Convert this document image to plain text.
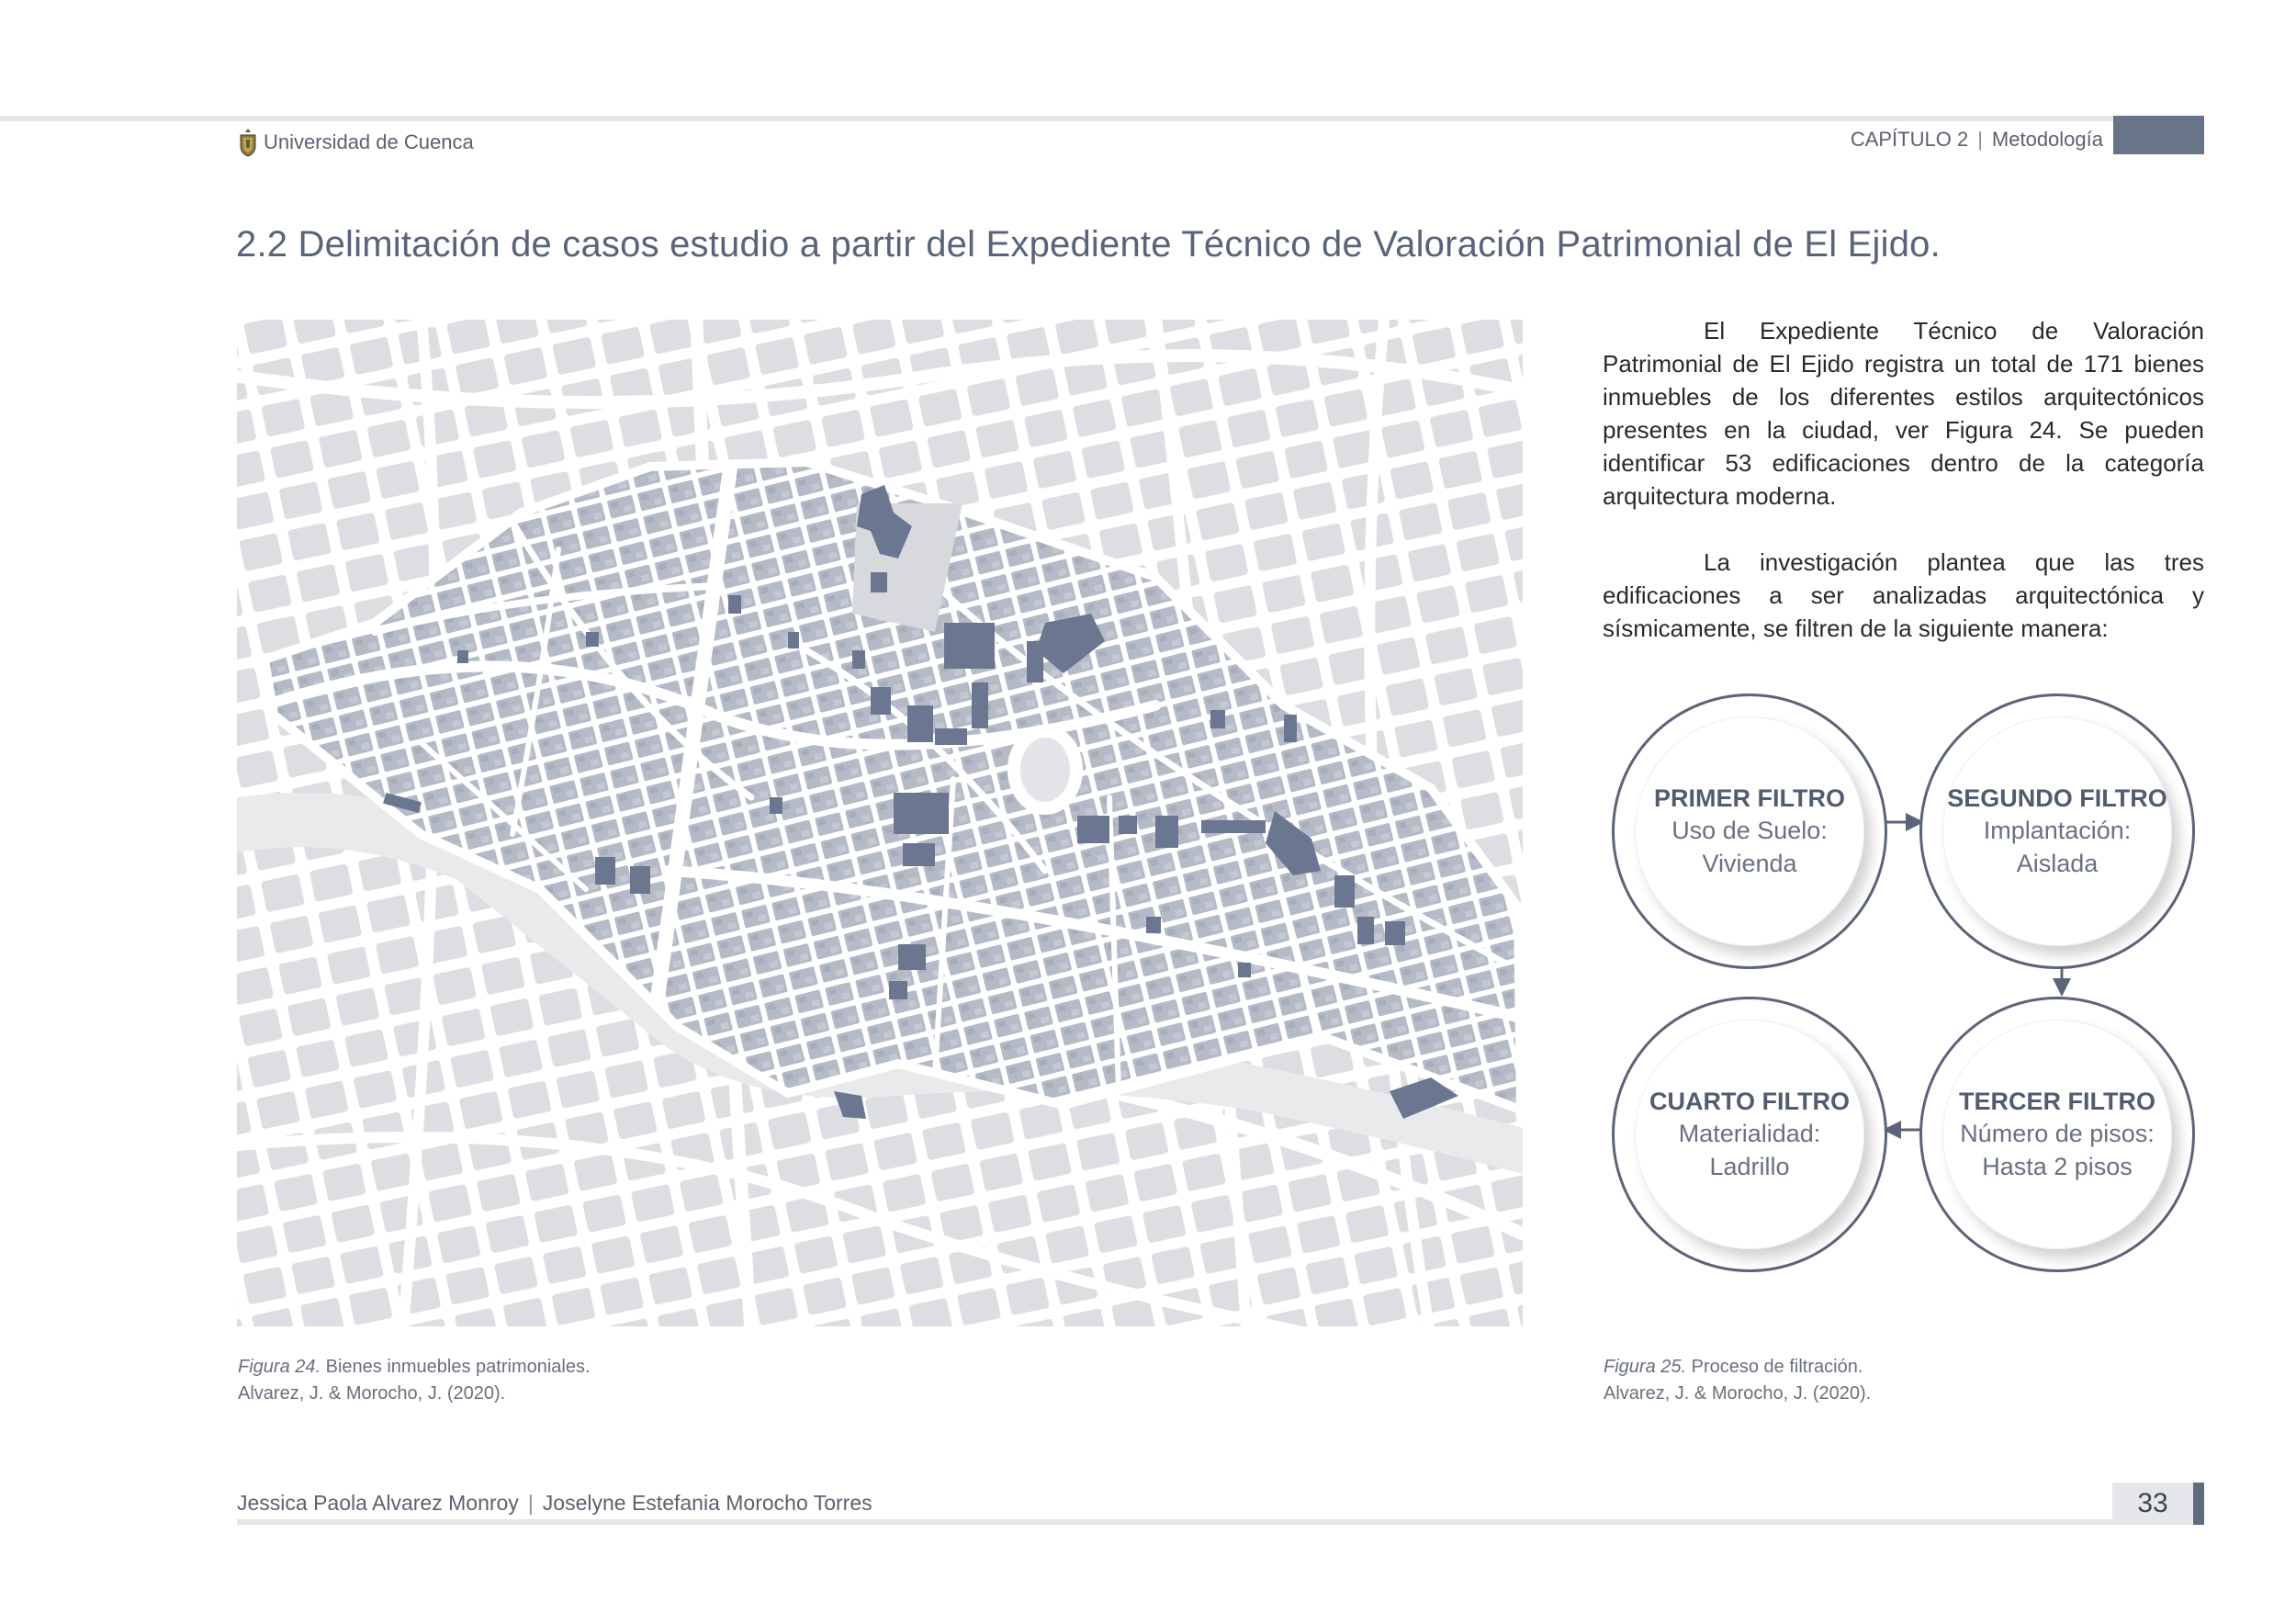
Universidad de Cuenca	CAPÍTULO 2 | Metodología
2.2 Delimitación de casos estudio a partir del Expediente Técnico de Valoración Patrimonial de El Ejido.

El Expediente Técnico de Valoración Patrimonial de El Ejido registra un total de 171 bienes inmuebles de los diferentes estilos arquitectónicos presentes en la ciudad, ver Figura 24. Se pueden identificar 53 edificaciones dentro de la categoría arquitectura moderna.

La investigación plantea que las tres edificaciones a ser analizadas arquitectónica y sísmicamente, se filtren de la siguiente manera:

PRIMER FILTRO
Uso de Suelo:
Vivienda
SEGUNDO FILTRO
Implantación:
Aislada
TERCER FILTRO
Número de pisos:
Hasta 2 pisos
CUARTO FILTRO
Materialidad:
Ladrillo
Figura 24. Bienes inmuebles patrimoniales.
Alvarez, J. & Morocho, J. (2020).
Figura 25. Proceso de filtración.
Alvarez, J. & Morocho, J. (2020).
Jessica Paola Alvarez Monroy | Joselyne Estefania Morocho Torres	33
